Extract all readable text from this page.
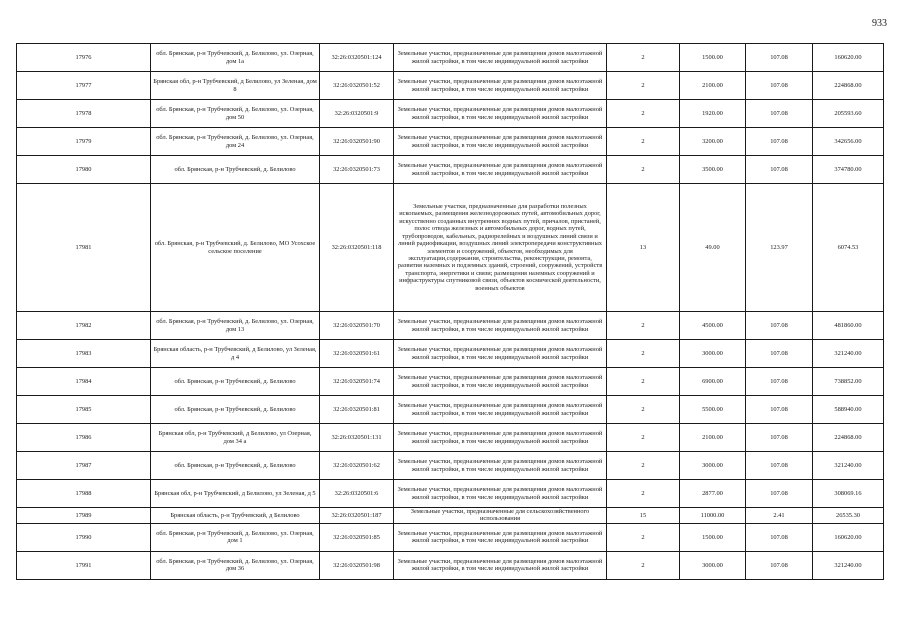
933
17976	обл. Брянская, р-н Трубчевский, д. Белилово, ул. Озерная, дом 1а	32:26:0320501:124	Земельные участки, предназначенные для размещения домов малоэтажной жилой застройки, в том числе индивидуальной жилой застройки	2	1500.00	107.08	160620.00
17977	Брянская обл, р-н Трубчевский, д Белилово, ул Зеленая, дом 8	32:26:0320501:52	Земельные участки, предназначенные для размещения домов малоэтажной жилой застройки, в том числе индивидуальной жилой застройки	2	2100.00	107.08	224868.00
17978	обл. Брянская, р-н Трубчевский, д. Белилово, ул. Озерная, дом 50	32:26:0320501:9	Земельные участки, предназначенные для размещения домов малоэтажной жилой застройки, в том числе индивидуальной жилой застройки	2	1920.00	107.08	205593.60
17979	обл. Брянская, р-н Трубчевский, д. Белилово, ул. Озерная, дом 24	32:26:0320501:90	Земельные участки, предназначенные для размещения домов малоэтажной жилой застройки, в том числе индивидуальной жилой застройки	2	3200.00	107.08	342656.00
17980	обл. Брянская, р-н Трубчевский, д. Белилово	32:26:0320501:73	Земельные участки, предназначенные для размещения домов малоэтажной жилой застройки, в том числе индивидуальной жилой застройки	2	3500.00	107.08	374780.00
17981	обл. Брянская, р-н Трубчевский, д. Белилово, МО Усохское сельское поселение	32:26:0320501:118	Земельные участки, предназначенные для разработки полезных ископаемых, размещения железнодорожных путей, автомобильных дорог, искусственно созданных внутренних водных путей, причалов, пристаней, полос отвода железных и автомобильных дорог, водных путей, трубопроводов, кабельных, радиорелейных и воздушных линий связи и линий радиофикации, воздушных линий электропередачи конструктивных элементов и сооружений, объектов, необходимых для эксплуатации,содержания, строительства, реконструкции, ремонта, развития наземных и подземных зданий, строений, сооружений, устройств транспорта, энергетики и связи; размещения наземных сооружений и инфраструктуры спутниковой связи, объектов космической деятельности, военных объектов	13	49.00	123.97	6074.53
17982	обл. Брянская, р-н Трубчевский, д. Белилово, ул. Озерная, дом 13	32:26:0320501:70	Земельные участки, предназначенные для размещения домов малоэтажной жилой застройки, в том числе индивидуальной жилой застройки	2	4500.00	107.08	481860.00
17983	Брянская область, р-н Трубчевский, д Белилово, ул Зеленая, д 4	32:26:0320501:61	Земельные участки, предназначенные для размещения домов малоэтажной жилой застройки, в том числе индивидуальной жилой застройки	2	3000.00	107.08	321240.00
17984	обл. Брянская, р-н Трубчевский, д. Белилово	32:26:0320501:74	Земельные участки, предназначенные для размещения домов малоэтажной жилой застройки, в том числе индивидуальной жилой застройки	2	6900.00	107.08	738852.00
17985	обл. Брянская, р-н Трубчевский, д. Белилово	32:26:0320501:81	Земельные участки, предназначенные для размещения домов малоэтажной жилой застройки, в том числе индивидуальной жилой застройки	2	5500.00	107.08	588940.00
17986	Брянская обл, р-н Трубчевский, д Белилово, ул Озерная, дом 34 а	32:26:0320501:131	Земельные участки, предназначенные для размещения домов малоэтажной жилой застройки, в том числе индивидуальной жилой застройки	2	2100.00	107.08	224868.00
17987	обл. Брянская, р-н Трубчевский, д. Белилово	32:26:0320501:62	Земельные участки, предназначенные для размещения домов малоэтажной жилой застройки, в том числе индивидуальной жилой застройки	2	3000.00	107.08	321240.00
17988	Брянская обл, р-н Трубчевский, д Белилово, ул Зеленая, д 5	32:26:0320501:6	Земельные участки, предназначенные для размещения домов малоэтажной жилой застройки, в том числе индивидуальной жилой застройки	2	2877.00	107.08	308069.16
17989	Брянская область, р-н Трубчевский, д Белилово	32:26:0320501:187	Земельные участки, предназначенные для сельскохозяйственного использования	15	11000.00	2.41	26535.30
17990	обл. Брянская, р-н Трубчевский, д. Белилово, ул. Озерная, дом 1	32:26:0320501:85	Земельные участки, предназначенные для размещения домов малоэтажной жилой застройки, в том числе индивидуальной жилой застройки	2	1500.00	107.08	160620.00
17991	обл. Брянская, р-н Трубчевский, д. Белилово, ул. Озерная, дом 36	32:26:0320501:98	Земельные участки, предназначенные для размещения домов малоэтажной жилой застройки, в том числе индивидуальной жилой застройки	2	3000.00	107.08	321240.00
